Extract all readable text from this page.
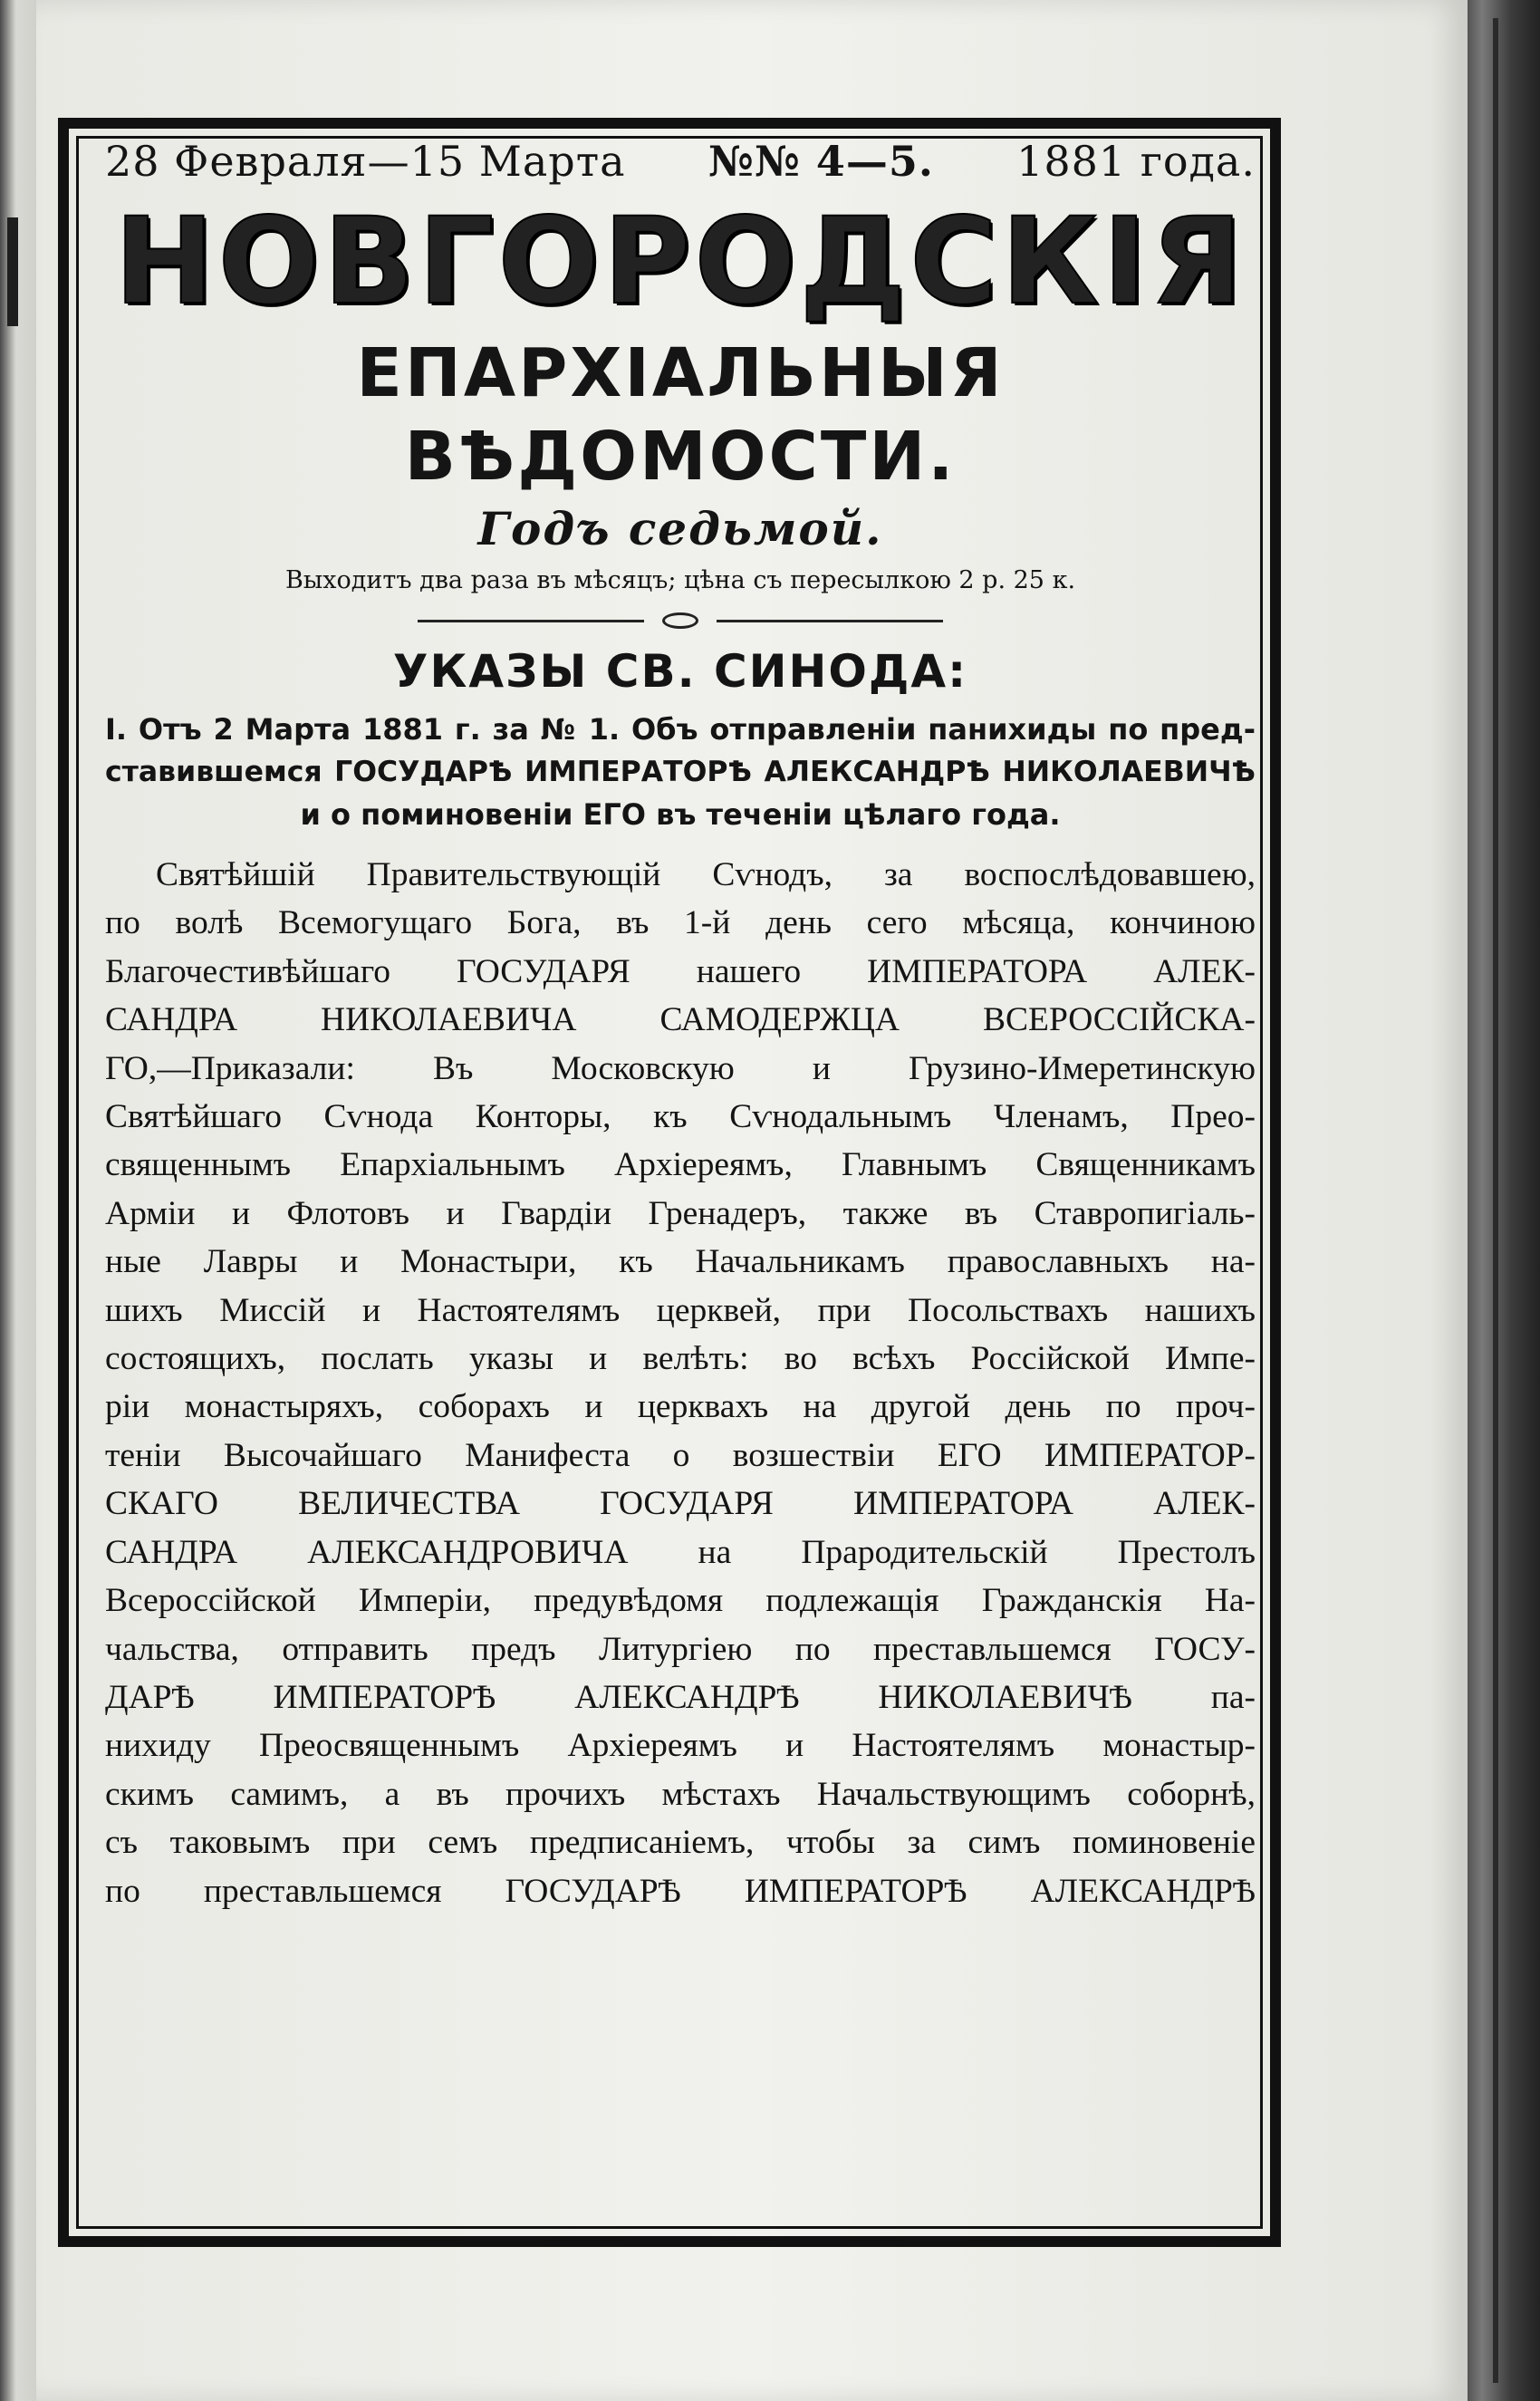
28 Февраля—15 Марта №№ 4—5. 1881 года.
НОВГОРОДСКІЯ
ЕПАРХІАЛЬНЫЯ ВѢДОМОСТИ.
Годъ седьмой.
Выходитъ два раза въ мѣсяцъ; цѣна съ пересылкою 2 р. 25 к.
УКАЗЫ СВ. СИНОДА:
I. Отъ 2 Марта 1881 г. за № 1. Объ отправленіи панихиды по пред-
ставившемся ГОСУДАРѢ ИМПЕРАТОРѢ АЛЕКСАНДРѢ НИКОЛАЕВИЧѢ
и о поминовеніи ЕГО въ теченіи цѣлаго года.
Святѣйшій Правительствующій Сѵнодъ, за воспослѣдовавшею,
по волѣ Всемогущаго Бога, въ 1-й день сего мѣсяца, кончиною
Благочестивѣйшаго ГОСУДАРЯ нашего ИМПЕРАТОРА АЛЕК-
САНДРА НИКОЛАЕВИЧА САМОДЕРЖЦА ВСЕРОССІЙСКА-
ГО,—Приказали: Въ Московскую и Грузино-Имеретинскую
Святѣйшаго Сѵнода Конторы, къ Сѵнодальнымъ Членамъ, Прео-
священнымъ Епархіальнымъ Архіереямъ, Главнымъ Священникамъ
Арміи и Флотовъ и Гвардіи Гренадеръ, также въ Ставропигіаль-
ные Лавры и Монастыри, къ Начальникамъ православныхъ на-
шихъ Миссій и Настоятелямъ церквей, при Посольствахъ нашихъ
состоящихъ, послать указы и велѣть: во всѣхъ Россійской Импе-
ріи монастыряхъ, соборахъ и церквахъ на другой день по проч-
теніи Высочайшаго Манифеста о возшествіи ЕГО ИМПЕРАТОР-
СКАГО ВЕЛИЧЕСТВА ГОСУДАРЯ ИМПЕРАТОРА АЛЕК-
САНДРА АЛЕКСАНДРОВИЧА на Прародительскій Престолъ
Всероссійской Имперіи, предувѣдомя подлежащія Гражданскія На-
чальства, отправить предъ Литургіею по преставльшемся ГОСУ-
ДАРѢ ИМПЕРАТОРѢ АЛЕКСАНДРѢ НИКОЛАЕВИЧѢ па-
нихиду Преосвященнымъ Архіереямъ и Настоятелямъ монастыр-
скимъ самимъ, а въ прочихъ мѣстахъ Начальствующимъ соборнѣ,
съ таковымъ при семъ предписаніемъ, чтобы за симъ поминовеніе
по преставльшемся ГОСУДАРѢ ИМПЕРАТОРѢ АЛЕКСАНДРѢ
